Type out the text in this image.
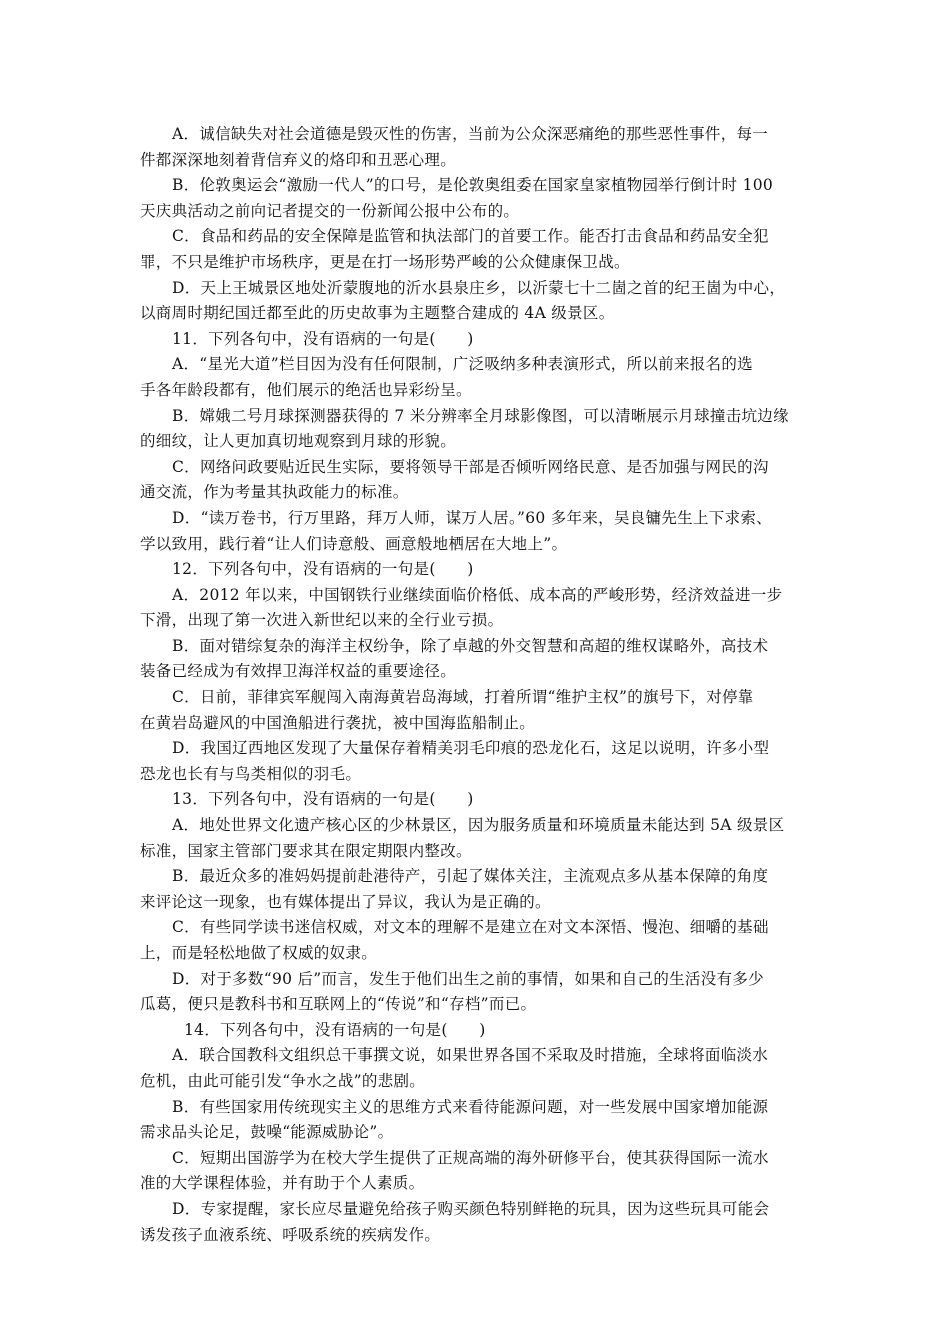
A．诚信缺失对社会道德是毁灭性的伤害，当前为公众深恶痛绝的那些恶性事件，每一
件都深深地刻着背信弃义的烙印和丑恶心理。
B．伦敦奥运会“激励一代人”的口号，是伦敦奥组委在国家皇家植物园举行倒计时 100
天庆典活动之前向记者提交的一份新闻公报中公布的。
C．食品和药品的安全保障是监管和执法部门的首要工作。能否打击食品和药品安全犯
罪，不只是维护市场秩序，更是在打一场形势严峻的公众健康保卫战。
D．天上王城景区地处沂蒙腹地的沂水县泉庄乡，以沂蒙七十二崮之首的纪王崮为中心，
以商周时期纪国迁都至此的历史故事为主题整合建成的 4A 级景区。
11．下列各句中，没有语病的一句是(　　)
A．“星光大道”栏目因为没有任何限制，广泛吸纳多种表演形式，所以前来报名的选
手各年龄段都有，他们展示的绝活也异彩纷呈。
B．嫦娥二号月球探测器获得的 7 米分辨率全月球影像图，可以清晰展示月球撞击坑边缘
的细纹，让人更加真切地观察到月球的形貌。
C．网络问政要贴近民生实际，要将领导干部是否倾听网络民意、是否加强与网民的沟
通交流，作为考量其执政能力的标准。
D．“读万卷书，行万里路，拜万人师，谋万人居。”60 多年来，吴良镛先生上下求索、
学以致用，践行着“让人们诗意般、画意般地栖居在大地上”。
12．下列各句中，没有语病的一句是(　　)
A．2012 年以来，中国钢铁行业继续面临价格低、成本高的严峻形势，经济效益进一步
下滑，出现了第一次进入新世纪以来的全行业亏损。
B．面对错综复杂的海洋主权纷争，除了卓越的外交智慧和高超的维权谋略外，高技术
装备已经成为有效捍卫海洋权益的重要途径。
C．日前，菲律宾军舰闯入南海黄岩岛海域，打着所谓“维护主权”的旗号下，对停靠
在黄岩岛避风的中国渔船进行袭扰，被中国海监船制止。
D．我国辽西地区发现了大量保存着精美羽毛印痕的恐龙化石，这足以说明，许多小型
恐龙也长有与鸟类相似的羽毛。
13．下列各句中，没有语病的一句是(　　)
A．地处世界文化遗产核心区的少林景区，因为服务质量和环境质量未能达到 5A 级景区
标准，国家主管部门要求其在限定期限内整改。
B．最近众多的准妈妈提前赴港待产，引起了媒体关注，主流观点多从基本保障的角度
来评论这一现象，也有媒体提出了异议，我认为是正确的。
C．有些同学读书迷信权威，对文本的理解不是建立在对文本深悟、慢泡、细嚼的基础
上，而是轻松地做了权威的奴隶。
D．对于多数“90 后”而言，发生于他们出生之前的事情，如果和自己的生活没有多少
瓜葛，便只是教科书和互联网上的“传说”和“存档”而已。
14．下列各句中，没有语病的一句是(　　)
A．联合国教科文组织总干事撰文说，如果世界各国不采取及时措施，全球将面临淡水
危机，由此可能引发“争水之战”的悲剧。
B．有些国家用传统现实主义的思维方式来看待能源问题，对一些发展中国家增加能源
需求品头论足，鼓噪“能源威胁论”。
C．短期出国游学为在校大学生提供了正规高端的海外研修平台，使其获得国际一流水
准的大学课程体验，并有助于个人素质。
D．专家提醒，家长应尽量避免给孩子购买颜色特别鲜艳的玩具，因为这些玩具可能会
诱发孩子血液系统、呼吸系统的疾病发作。
